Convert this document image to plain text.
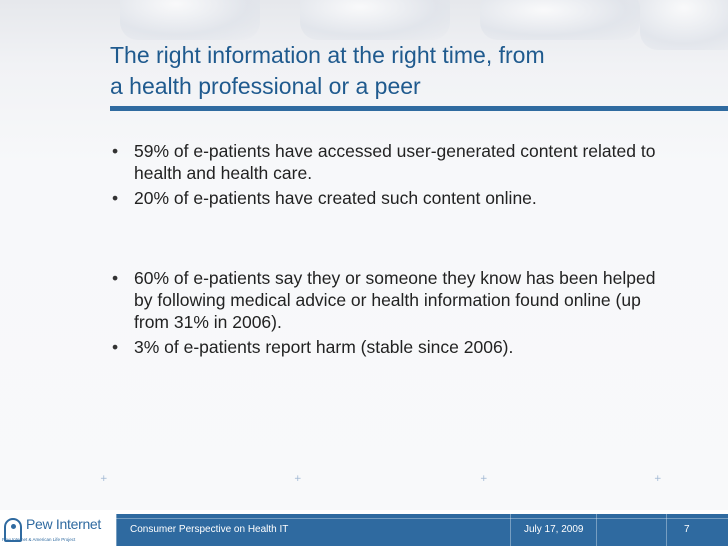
The right information at the right time, from
a health professional or a peer
• 59% of e-patients have accessed user-generated content related to health and health care.
• 20% of e-patients have created such content online.
• 60% of e-patients say they or someone they know has been helped by following medical advice or health information found online (up from 31% in 2006).
• 3% of e-patients report harm (stable since 2006).
+	+	+
+
Pew Internet
Pew Internet & American Life Project
Consumer Perspective on Health IT	July 17, 2009	7
